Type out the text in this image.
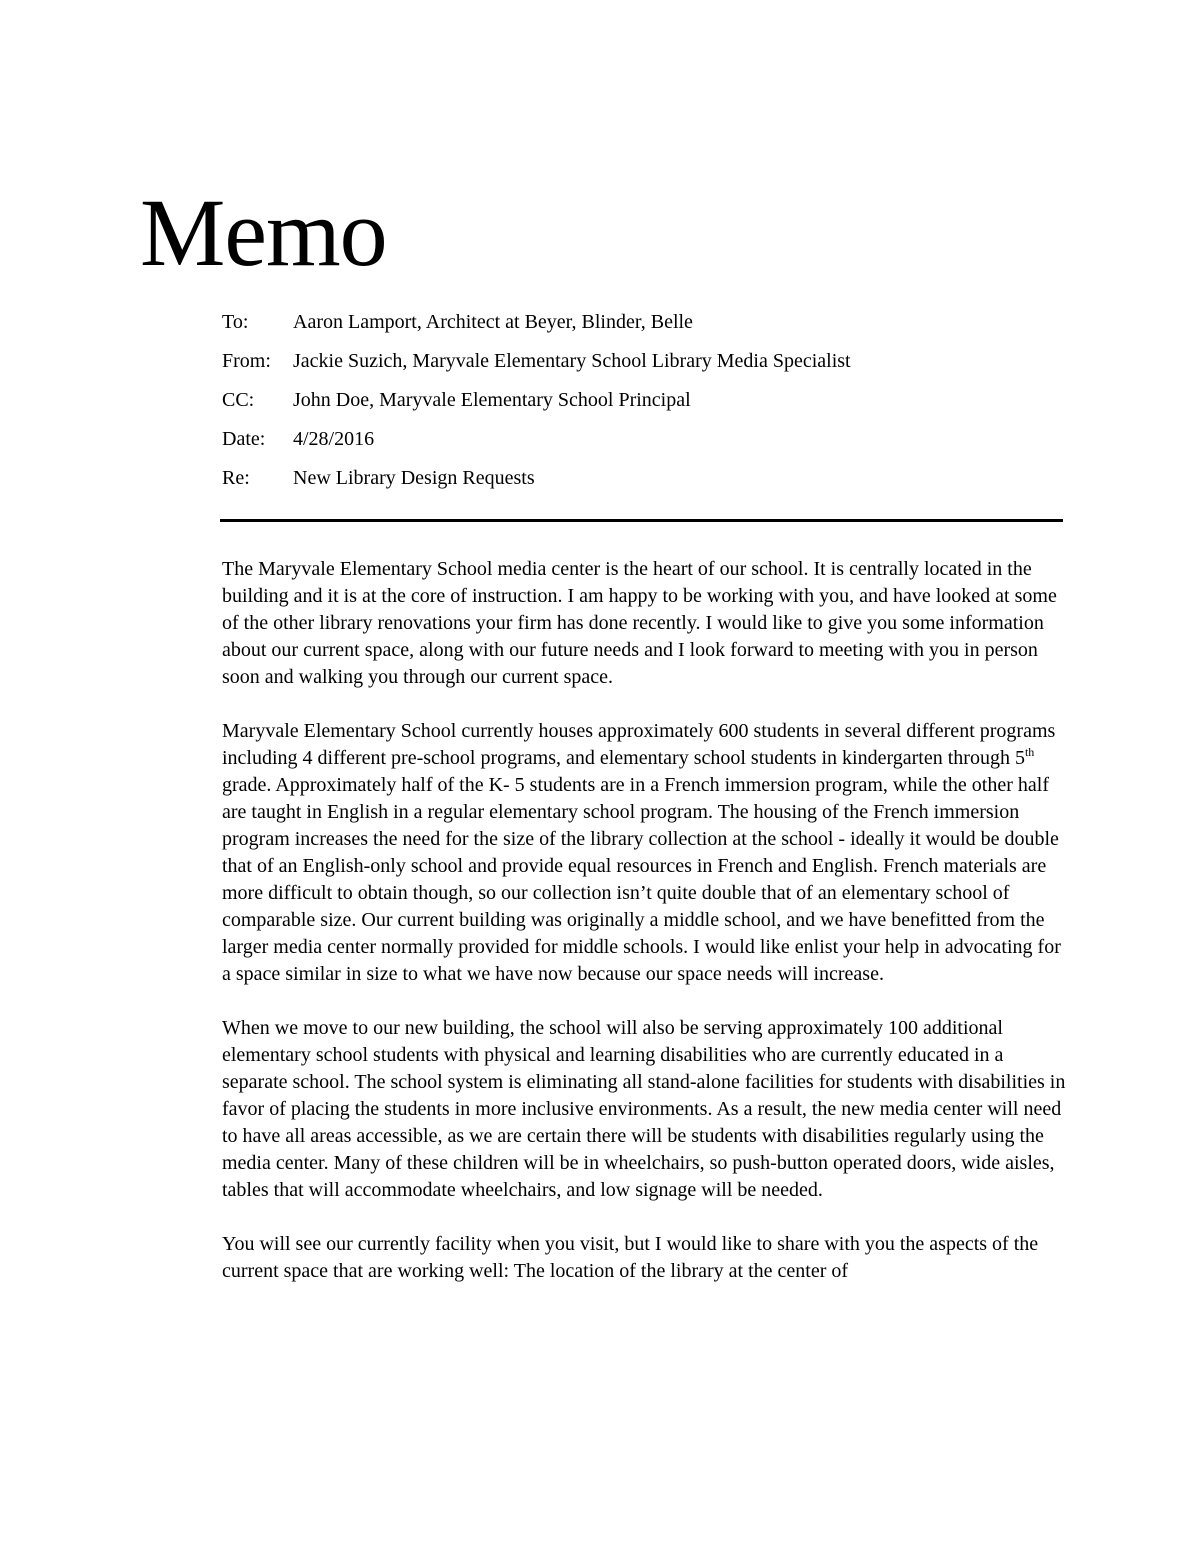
Memo
To:	Aaron Lamport, Architect at Beyer, Blinder, Belle
From:	Jackie Suzich, Maryvale Elementary School Library Media Specialist
CC:	John Doe, Maryvale Elementary School Principal
Date:	4/28/2016
Re:	New Library Design Requests

The Maryvale Elementary School media center is the heart of our school. It is centrally located in the building and it is at the core of instruction. I am happy to be working with you, and have looked at some of the other library renovations your firm has done recently. I would like to give you some information about our current space, along with our future needs and I look forward to meeting with you in person soon and walking you through our current space.

Maryvale Elementary School currently houses approximately 600 students in several different programs including 4 different pre-school programs, and elementary school students in kindergarten through 5th grade. Approximately half of the K- 5 students are in a French immersion program, while the other half are taught in English in a regular elementary school program. The housing of the French immersion program increases the need for the size of the library collection at the school - ideally it would be double that of an English-only school and provide equal resources in French and English. French materials are more difficult to obtain though, so our collection isn’t quite double that of an elementary school of comparable size. Our current building was originally a middle school, and we have benefitted from the larger media center normally provided for middle schools. I would like enlist your help in advocating for a space similar in size to what we have now because our space needs will increase.

When we move to our new building, the school will also be serving approximately 100 additional elementary school students with physical and learning disabilities who are currently educated in a separate school. The school system is eliminating all stand-alone facilities for students with disabilities in favor of placing the students in more inclusive environments. As a result, the new media center will need to have all areas accessible, as we are certain there will be students with disabilities regularly using the media center. Many of these children will be in wheelchairs, so push-button operated doors, wide aisles, tables that will accommodate wheelchairs, and low signage will be needed.

You will see our currently facility when you visit, but I would like to share with you the aspects of the current space that are working well: The location of the library at the center of
